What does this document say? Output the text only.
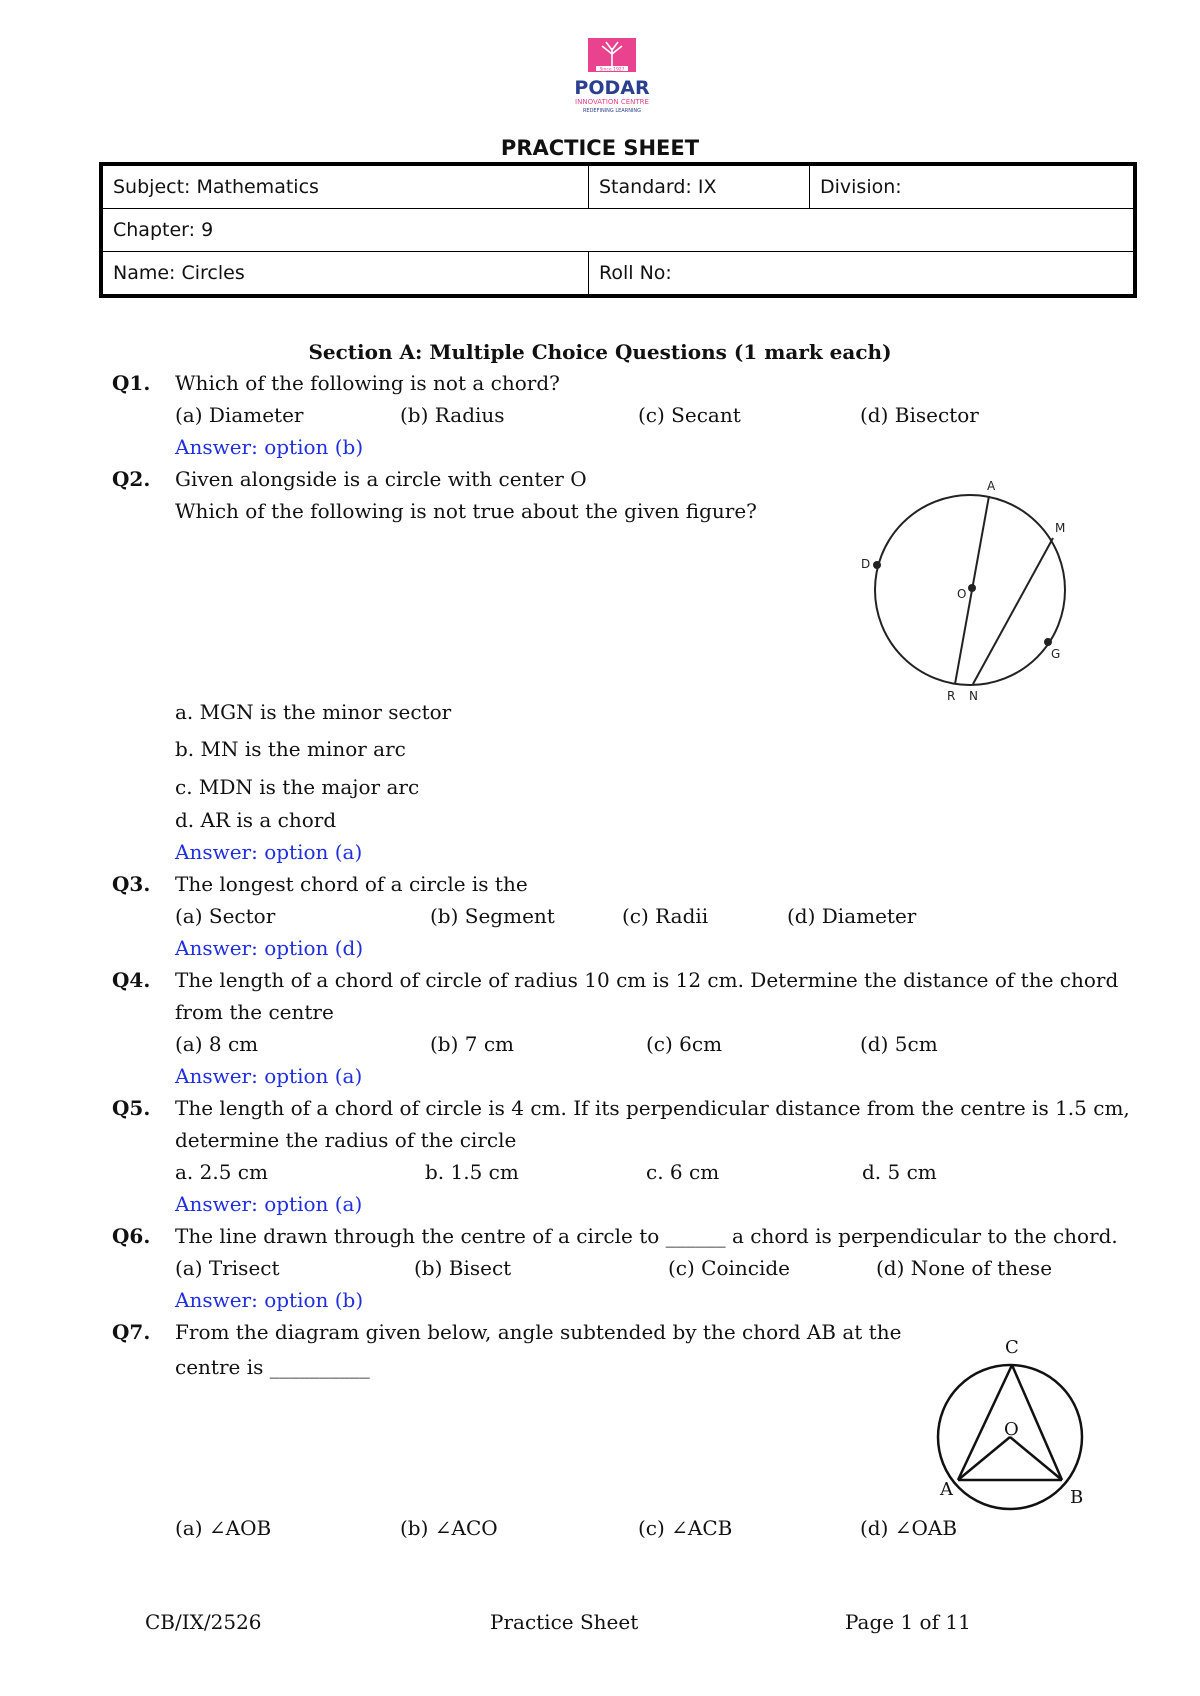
Since 1927
PODAR
INNOVATION CENTRE
REDEFINING LEARNING
PRACTICE SHEET
Subject: Mathematics	Standard: IX	Division:
Chapter: 9		
Name: Circles	Roll No:	
Section A: Multiple Choice Questions (1 mark each)
Q1. Which of the following is not a chord?
(a) Diameter	(b) Radius	(c) Secant	(d) Bisector
Answer: option (b)
Q2. Given alongside is a circle with center O
Which of the following is not true about the given figure?
A
M
D
O
G
R N
a. MGN is the minor sector
b. MN is the minor arc
c. MDN is the major arc
d. AR is a chord
Answer: option (a)
Q3. The longest chord of a circle is the
(a) Sector	(b) Segment	(c) Radii	(d) Diameter
Answer: option (d)
Q4. The length of a chord of circle of radius 10 cm is 12 cm. Determine the distance of the chord
from the centre
(a) 8 cm	(b) 7 cm	(c) 6cm	(d) 5cm
Answer: option (a)
Q5. The length of a chord of circle is 4 cm. If its perpendicular distance from the centre is 1.5 cm,
determine the radius of the circle
a. 2.5 cm	b. 1.5 cm	c. 6 cm	d. 5 cm
Answer: option (a)
Q6. The line drawn through the centre of a circle to ______ a chord is perpendicular to the chord.
(a) Trisect	(b) Bisect	(c) Coincide	(d) None of these
Answer: option (b)
Q7. From the diagram given below, angle subtended by the chord AB at the
centre is __________
C
O
A	B
(a) ∠AOB	(b) ∠ACO	(c) ∠ACB	(d) ∠OAB
CB/IX/2526	Practice Sheet	Page 1 of 11
